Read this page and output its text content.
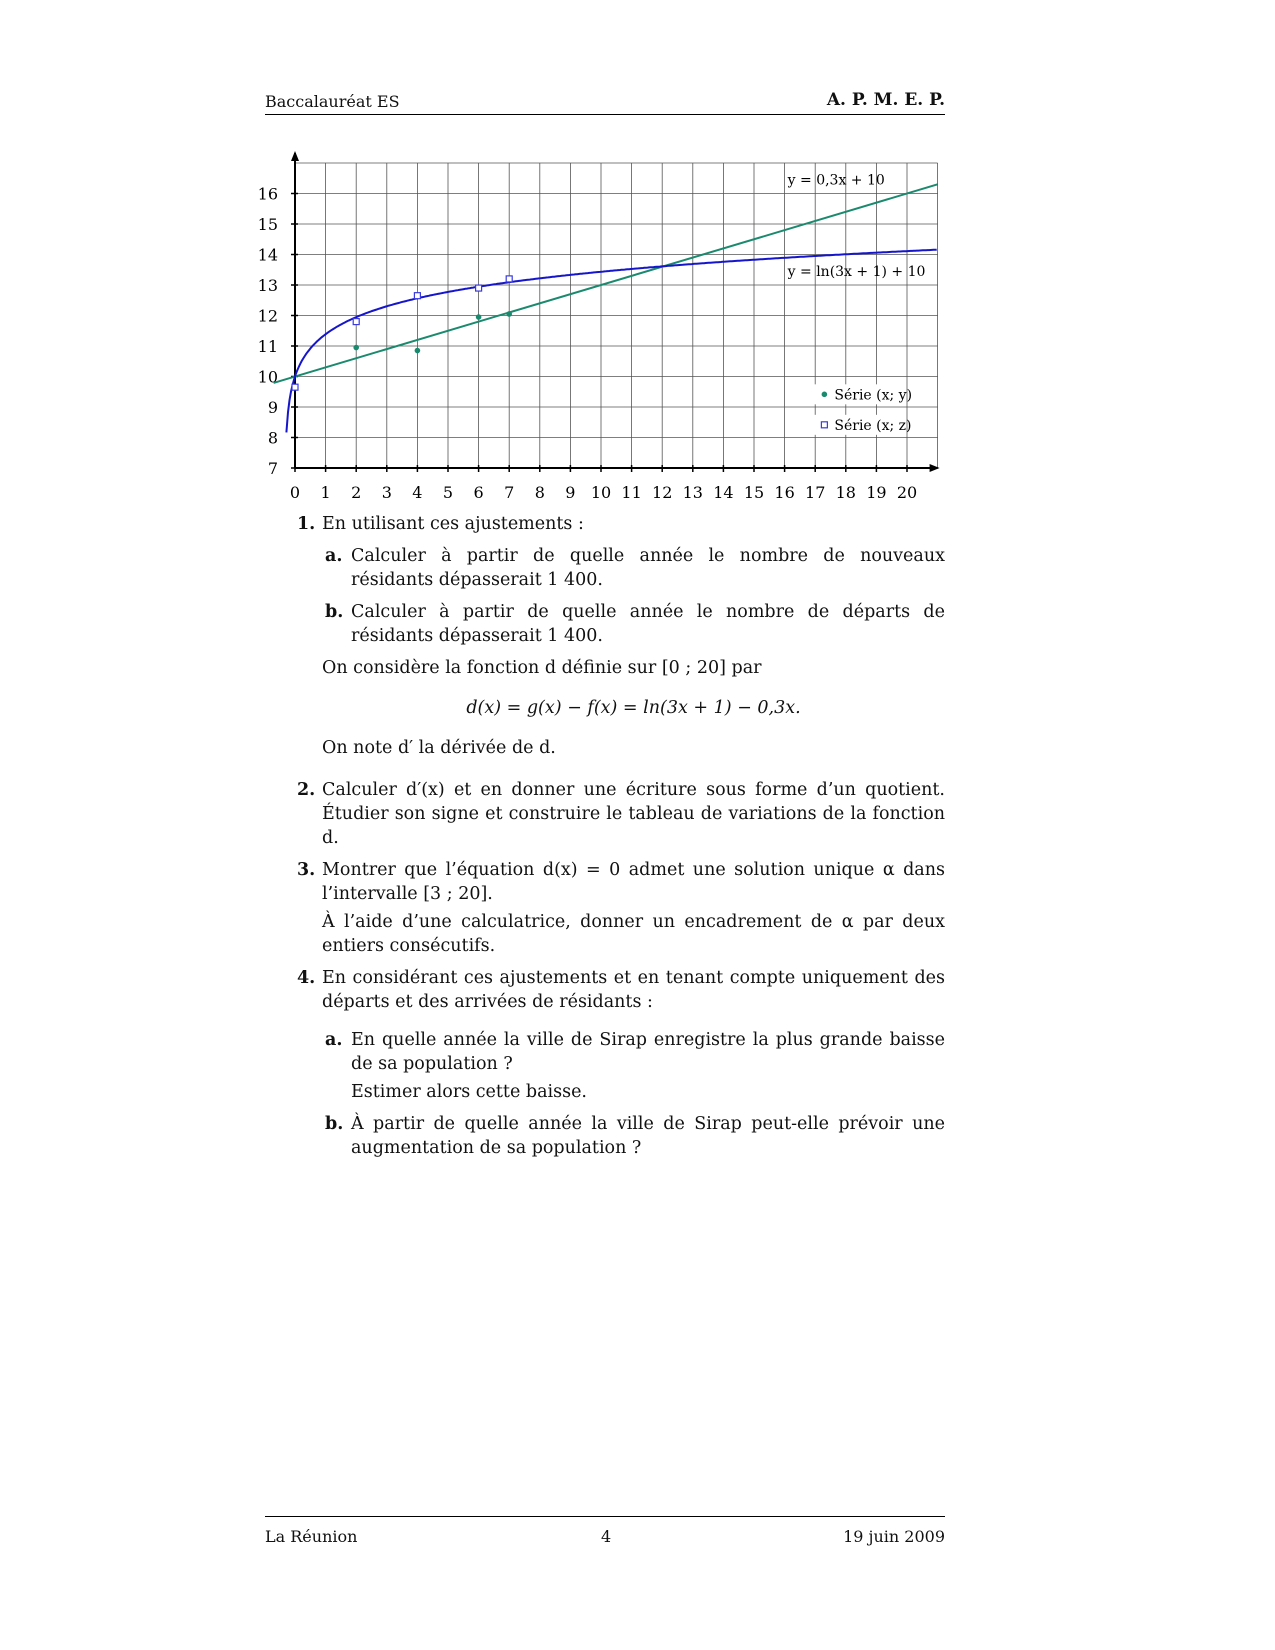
Baccalauréat ES	A. P. M. E. P.
0 1 2 3 4 5 6 7 8 9 10 11 12 13 14 15 16 17 18 19 20
7
8
9
10
11
12
13
14
15
16
y = 0,3x + 10
y = ln(3x + 1) + 10
Série (x; y)
Série (x; z)
1. En utilisant ces ajustements :
a. Calculer à partir de quelle année le nombre de nouveaux résidants dépasserait 1 400.
b. Calculer à partir de quelle année le nombre de départs de résidants dépasserait 1 400.
On considère la fonction d définie sur [0 ; 20] par
d(x) = g(x) − f(x) = ln(3x + 1) − 0,3x.
On note d′ la dérivée de d.
2. Calculer d′(x) et en donner une écriture sous forme d’un quotient. Étudier son signe et construire le tableau de variations de la fonction d.
3. Montrer que l’équation d(x) = 0 admet une solution unique α dans l’intervalle [3 ; 20].
À l’aide d’une calculatrice, donner un encadrement de α par deux entiers consécutifs.
4. En considérant ces ajustements et en tenant compte uniquement des départs et des arrivées de résidants :
a. En quelle année la ville de Sirap enregistre la plus grande baisse de sa population ?
Estimer alors cette baisse.
b. À partir de quelle année la ville de Sirap peut-elle prévoir une augmentation de sa population ?
La Réunion	4	19 juin 2009
